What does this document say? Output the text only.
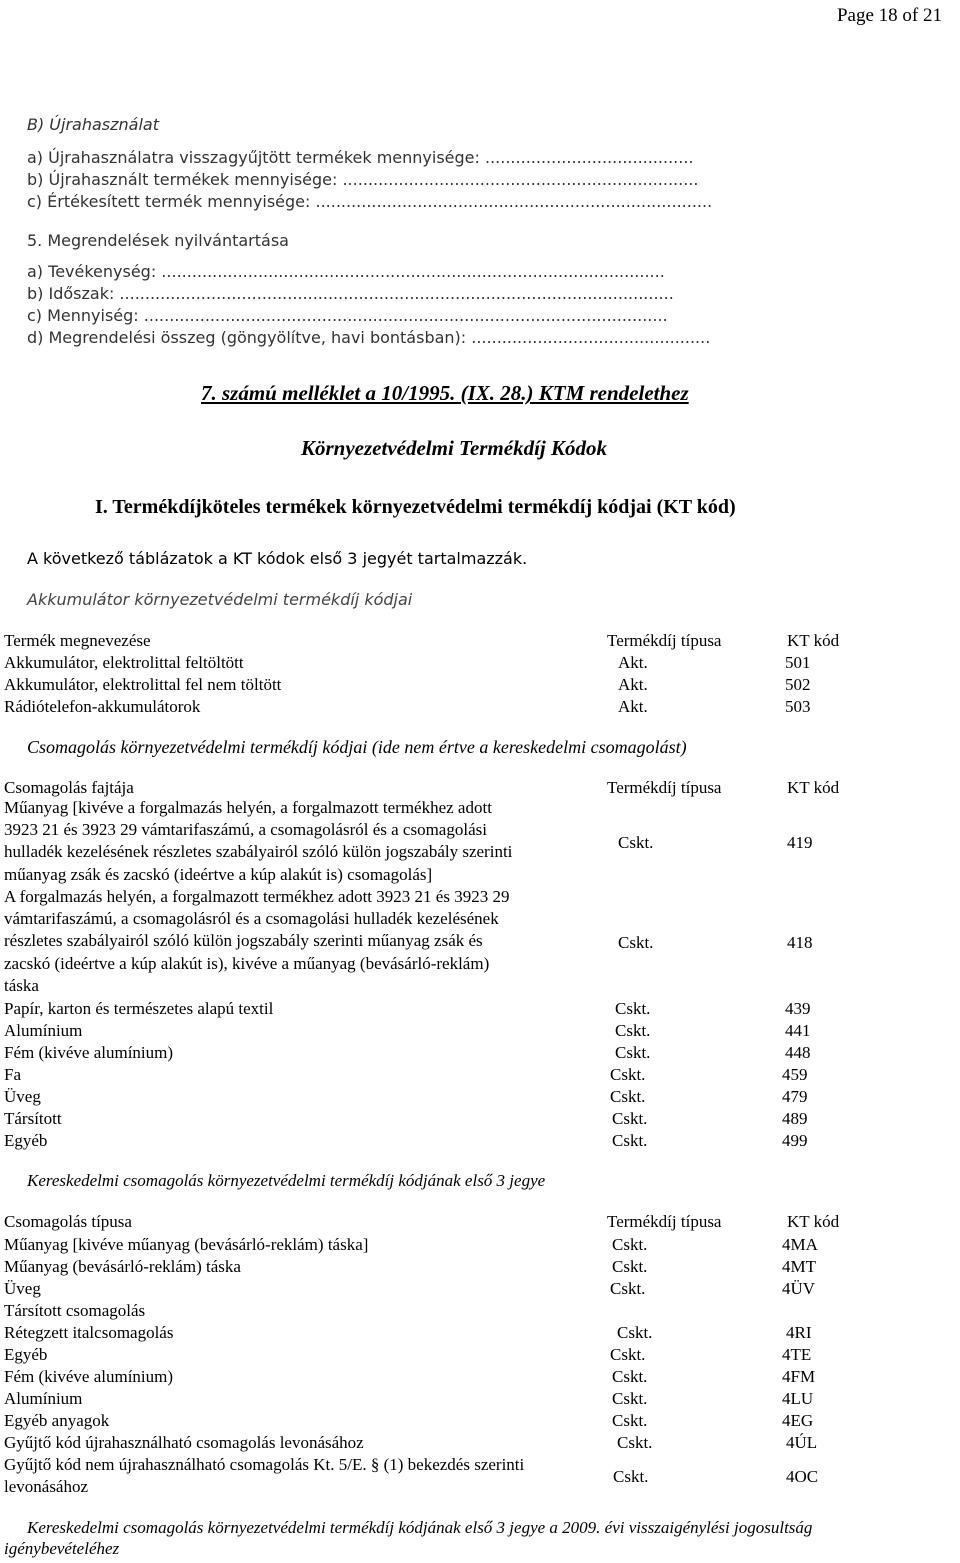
Page 18 of 21
B) Újrahasználat
a) Újrahasználatra visszagyűjtött termékek mennyisége: .........................................
b) Újrahasznált termékek mennyisége: ......................................................................
c) Értékesített termék mennyisége: ..............................................................................
5. Megrendelések nyilvántartása
a) Tevékenység: ...................................................................................................
b) Időszak: .............................................................................................................
c) Mennyiség: .......................................................................................................
d) Megrendelési összeg (göngyölítve, havi bontásban): ...............................................
7. számú melléklet a 10/1995. (IX. 28.) KTM rendelethez
Környezetvédelmi Termékdíj Kódok
I. Termékdíjköteles termékek környezetvédelmi termékdíj kódjai (KT kód)
A következő táblázatok a KT kódok első 3 jegyét tartalmazzák.
Akkumulátor környezetvédelmi termékdíj kódjai
Termék megnevezése	Termékdíj típusa	KT kód
Akkumulátor, elektrolittal feltöltött	Akt.	501
Akkumulátor, elektrolittal fel nem töltött	Akt.	502
Rádiótelefon-akkumulátorok	Akt.	503
Csomagolás környezetvédelmi termékdíj kódjai (ide nem értve a kereskedelmi csomagolást)
Csomagolás fajtája	Termékdíj típusa	KT kód
Műanyag [kivéve a forgalmazás helyén, a forgalmazott termékhez adott
3923 21 és 3923 29 vámtarifaszámú, a csomagolásról és a csomagolási
hulladék kezelésének részletes szabályairól szóló külön jogszabály szerinti
műanyag zsák és zacskó (ideértve a kúp alakút is) csomagolás]
Cskt.	419
A forgalmazás helyén, a forgalmazott termékhez adott 3923 21 és 3923 29
vámtarifaszámú, a csomagolásról és a csomagolási hulladék kezelésének
részletes szabályairól szóló külön jogszabály szerinti műanyag zsák és
zacskó (ideértve a kúp alakút is), kivéve a műanyag (bevásárló-reklám)
táska
Cskt.	418
Papír, karton és természetes alapú textil	Cskt.	439
Alumínium	Cskt.	441
Fém (kivéve alumínium)	Cskt.	448
Fa	Cskt.	459
Üveg	Cskt.	479
Társított	Cskt.	489
Egyéb	Cskt.	499
Kereskedelmi csomagolás környezetvédelmi termékdíj kódjának első 3 jegye
Csomagolás típusa	Termékdíj típusa	KT kód
Műanyag [kivéve műanyag (bevásárló-reklám) táska]	Cskt.	4MA
Műanyag (bevásárló-reklám) táska	Cskt.	4MT
Üveg	Cskt.	4ÜV
Társított csomagolás
Rétegzett italcsomagolás	Cskt.	4RI
Egyéb	Cskt.	4TE
Fém (kivéve alumínium)	Cskt.	4FM
Alumínium	Cskt.	4LU
Egyéb anyagok	Cskt.	4EG
Gyűjtő kód újrahasználható csomagolás levonásához	Cskt.	4ÚL
Gyűjtő kód nem újrahasználható csomagolás Kt. 5/E. § (1) bekezdés szerinti
levonásához
Cskt.	4OC
Kereskedelmi csomagolás környezetvédelmi termékdíj kódjának első 3 jegye a 2009. évi visszaigénylési jogosultság
igénybevételéhez
